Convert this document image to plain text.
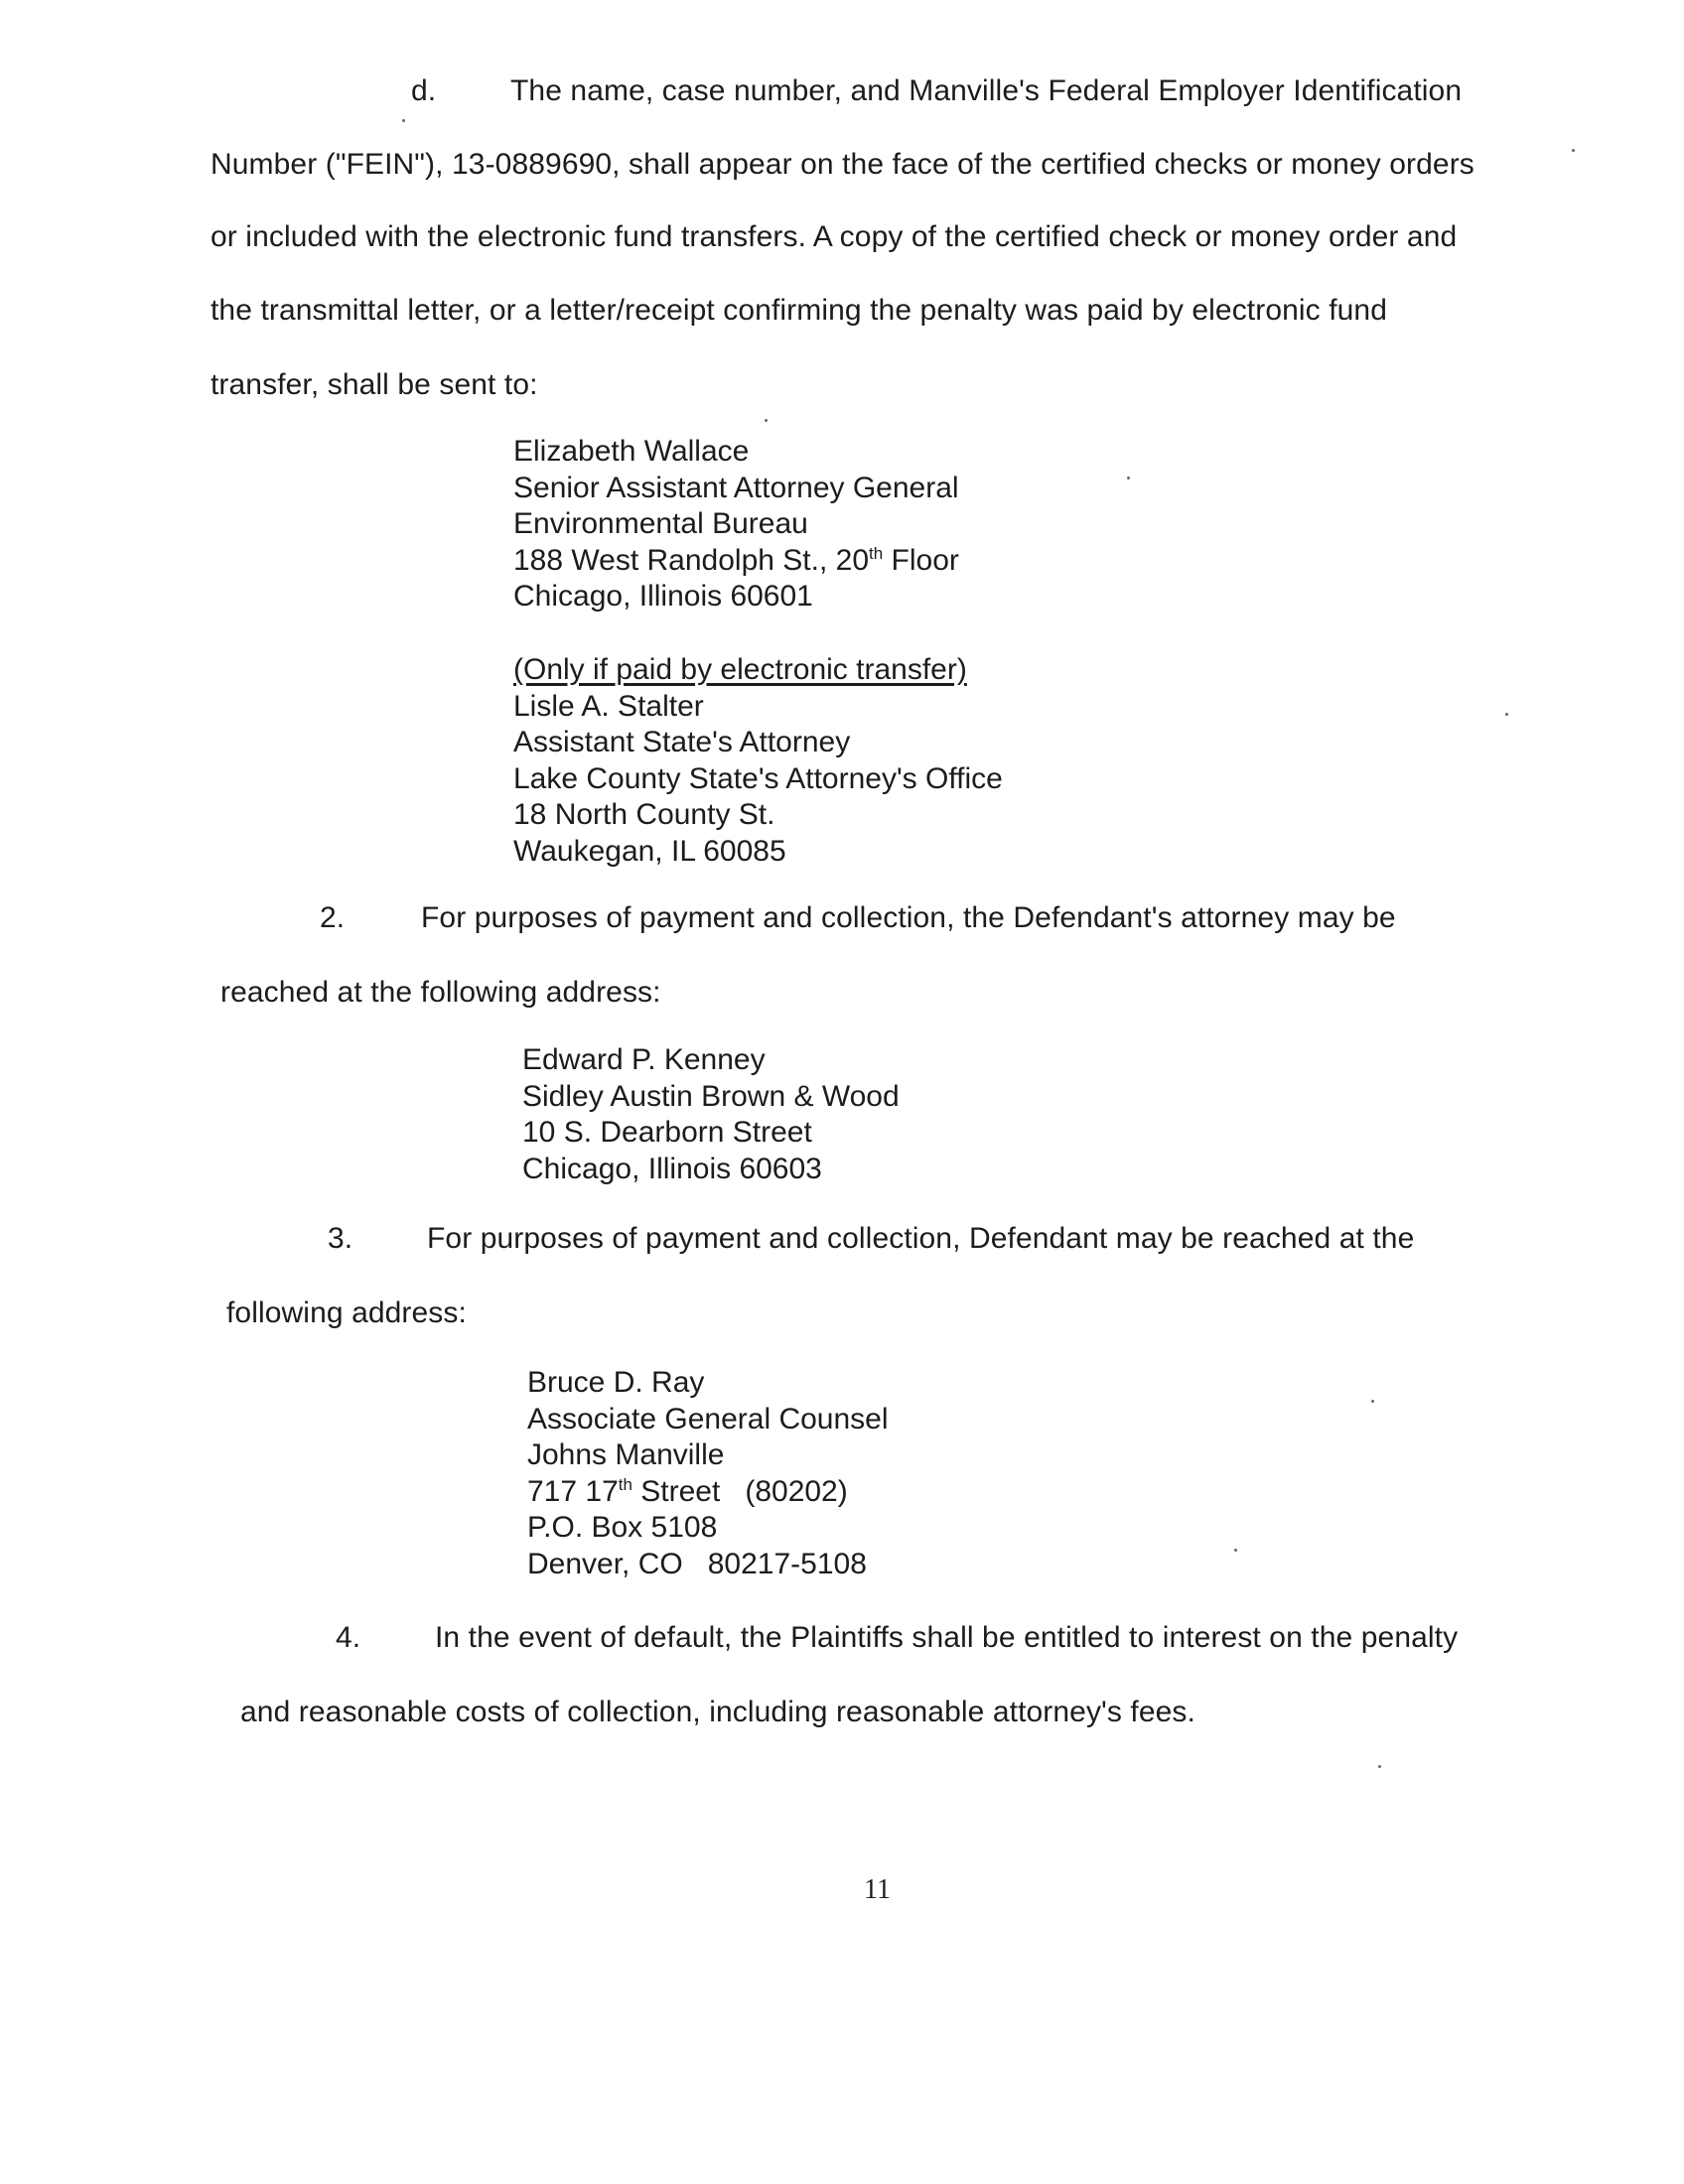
d. The name, case number, and Manville's Federal Employer Identification
Number ("FEIN"), 13-0889690, shall appear on the face of the certified checks or money orders
or included with the electronic fund transfers. A copy of the certified check or money order and
the transmittal letter, or a letter/receipt confirming the penalty was paid by electronic fund
transfer, shall be sent to:
Elizabeth Wallace
Senior Assistant Attorney General
Environmental Bureau
188 West Randolph St., 20th Floor
Chicago, Illinois 60601
(Only if paid by electronic transfer)
Lisle A. Stalter
Assistant State's Attorney
Lake County State's Attorney's Office
18 North County St.
Waukegan, IL 60085
2.	For purposes of payment and collection, the Defendant's attorney may be
reached at the following address:
Edward P. Kenney
Sidley Austin Brown & Wood
10 S. Dearborn Street
Chicago, Illinois 60603
3. For purposes of payment and collection, Defendant may be reached at the
following address:
Bruce D. Ray
Associate General Counsel
Johns Manville
717 17th Street   (80202)
P.O. Box 5108
Denver, CO   80217-5108
4. In the event of default, the Plaintiffs shall be entitled to interest on the penalty
and reasonable costs of collection, including reasonable attorney's fees.
11
